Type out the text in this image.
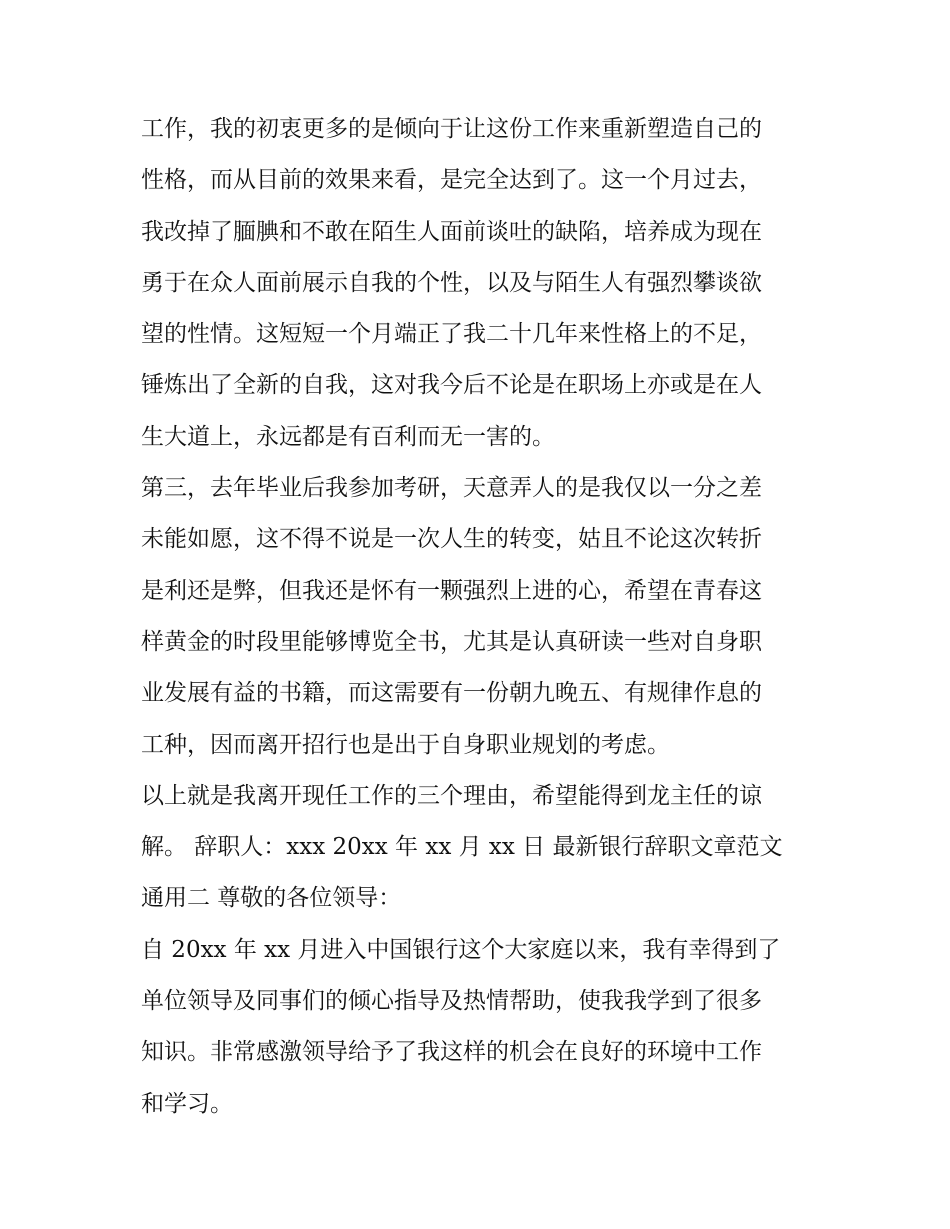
工作，我的初衷更多的是倾向于让这份工作来重新塑造自己的
性格，而从目前的效果来看，是完全达到了。这一个月过去，
我改掉了腼腆和不敢在陌生人面前谈吐的缺陷，培养成为现在
勇于在众人面前展示自我的个性，以及与陌生人有强烈攀谈欲
望的性情。这短短一个月端正了我二十几年来性格上的不足，
锤炼出了全新的自我，这对我今后不论是在职场上亦或是在人
生大道上，永远都是有百利而无一害的。
第三，去年毕业后我参加考研，天意弄人的是我仅以一分之差
未能如愿，这不得不说是一次人生的转变，姑且不论这次转折
是利还是弊，但我还是怀有一颗强烈上进的心，希望在青春这
样黄金的时段里能够博览全书，尤其是认真研读一些对自身职
业发展有益的书籍，而这需要有一份朝九晚五、有规律作息的
工种，因而离开招行也是出于自身职业规划的考虑。
以上就是我离开现任工作的三个理由，希望能得到龙主任的谅
解。 辞职人：xxx 20xx 年 xx 月 xx 日 最新银行辞职文章范文
通用二 尊敬的各位领导：
自 20xx 年 xx 月进入中国银行这个大家庭以来，我有幸得到了
单位领导及同事们的倾心指导及热情帮助，使我我学到了很多
知识。非常感激领导给予了我这样的机会在良好的环境中工作
和学习。
